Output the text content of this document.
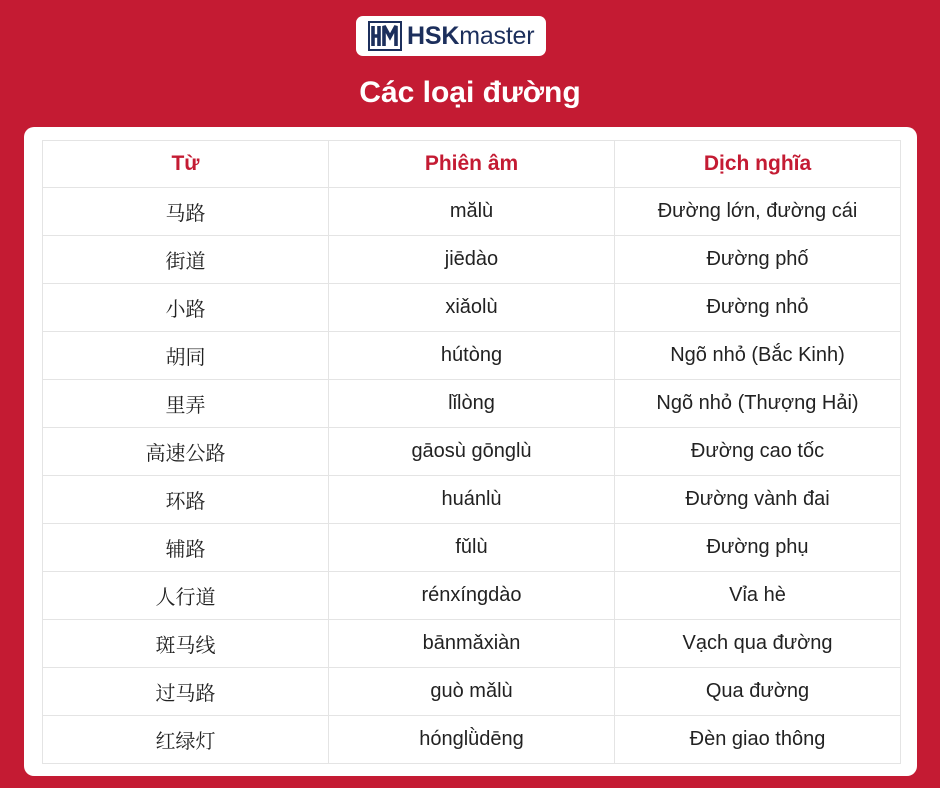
HSKmaster
Các loại đường
Từ	Phiên âm	Dịch nghĩa
马路	mălù	Đường lớn, đường cái
街道	jiēdào	Đường phố
小路	xiǎolù	Đường nhỏ
胡同	hútòng	Ngõ nhỏ (Bắc Kinh)
里弄	lǐlòng	Ngõ nhỏ (Thượng Hải)
高速公路	gāosù gōnglù	Đường cao tốc
环路	huánlù	Đường vành đai
辅路	fǔlù	Đường phụ
人行道	rénxíngdào	Vỉa hè
斑马线	bānmǎxiàn	Vạch qua đường
过马路	guò mǎlù	Qua đường
红绿灯	hónglǜdēng	Đèn giao thông
